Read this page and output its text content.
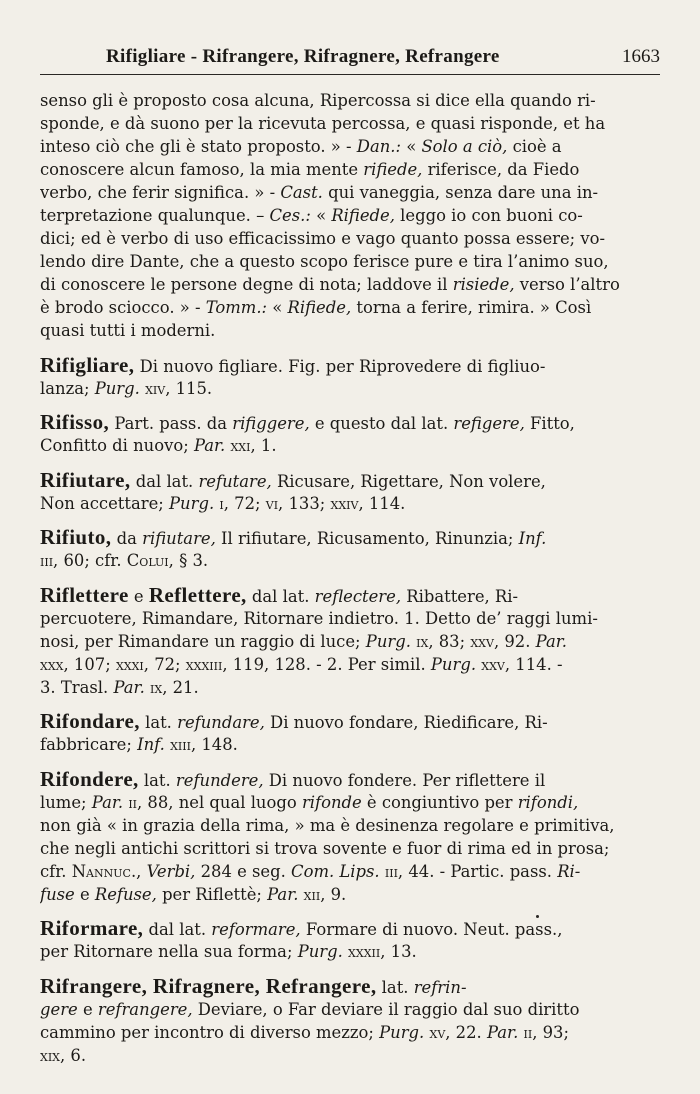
Rifigliare - Rifrangere, Rifragnere, Refrangere	1663
senso gli è proposto cosa alcuna, Ripercossa si dice ella quando ri-
sponde, e dà suono per la ricevuta percossa, e quasi risponde, et ha
inteso ciò che gli è stato proposto. » - Dan.: « Solo a ciò, cioè a
conoscere alcun famoso, la mia mente rifiede, riferisce, da Fiedo
verbo, che ferir significa. » - Cast. qui vaneggia, senza dare una in-
terpretazione qualunque. – Ces.: « Rifiede, leggo io con buoni co-
dici; ed è verbo di uso efficacissimo e vago quanto possa essere; vo-
lendo dire Dante, che a questo scopo ferisce pure e tira l’animo suo,
di conoscere le persone degne di nota; laddove il risiede, verso l’altro
è brodo sciocco. » - Tomm.: « Rifiede, torna a ferire, rimira. » Così
quasi tutti i moderni.
Rifigliare, Di nuovo figliare. Fig. per Riprovedere di figliuo-
lanza; Purg. xiv, 115.
Rifisso, Part. pass. da rifiggere, e questo dal lat. refigere, Fitto,
Confitto di nuovo; Par. xxi, 1.
Rifiutare, dal lat. refutare, Ricusare, Rigettare, Non volere,
Non accettare; Purg. i, 72; vi, 133; xxiv, 114.
Rifiuto, da rifiutare, Il rifiutare, Ricusamento, Rinunzia; Inf.
iii, 60; cfr. Colui, § 3.
Riflettere e Reflettere, dal lat. reflectere, Ribattere, Ri-
percuotere, Rimandare, Ritornare indietro. 1. Detto de’ raggi lumi-
nosi, per Rimandare un raggio di luce; Purg. ix, 83; xxv, 92. Par.
xxx, 107; xxxi, 72; xxxiii, 119, 128. - 2. Per simil. Purg. xxv, 114. -
3. Trasl. Par. ix, 21.
Rifondare, lat. refundare, Di nuovo fondare, Riedificare, Ri-
fabbricare; Inf. xiii, 148.
Rifondere, lat. refundere, Di nuovo fondere. Per riflettere il
lume; Par. ii, 88, nel qual luogo rifonde è congiuntivo per rifondi,
non già « in grazia della rima, » ma è desinenza regolare e primitiva,
che negli antichi scrittori si trova sovente e fuor di rima ed in prosa;
cfr. Nannuc., Verbi, 284 e seg. Com. Lips. iii, 44. - Partic. pass. Ri-
fuse e Refuse, per Riflettè; Par. xii, 9.
Riformare, dal lat. reformare, Formare di nuovo. Neut. pass.,
per Ritornare nella sua forma; Purg. xxxii, 13.
Rifrangere, Rifragnere, Refrangere, lat. refrin-
gere e refrangere, Deviare, o Far deviare il raggio dal suo diritto
cammino per incontro di diverso mezzo; Purg. xv, 22. Par. ii, 93;
xix, 6.
